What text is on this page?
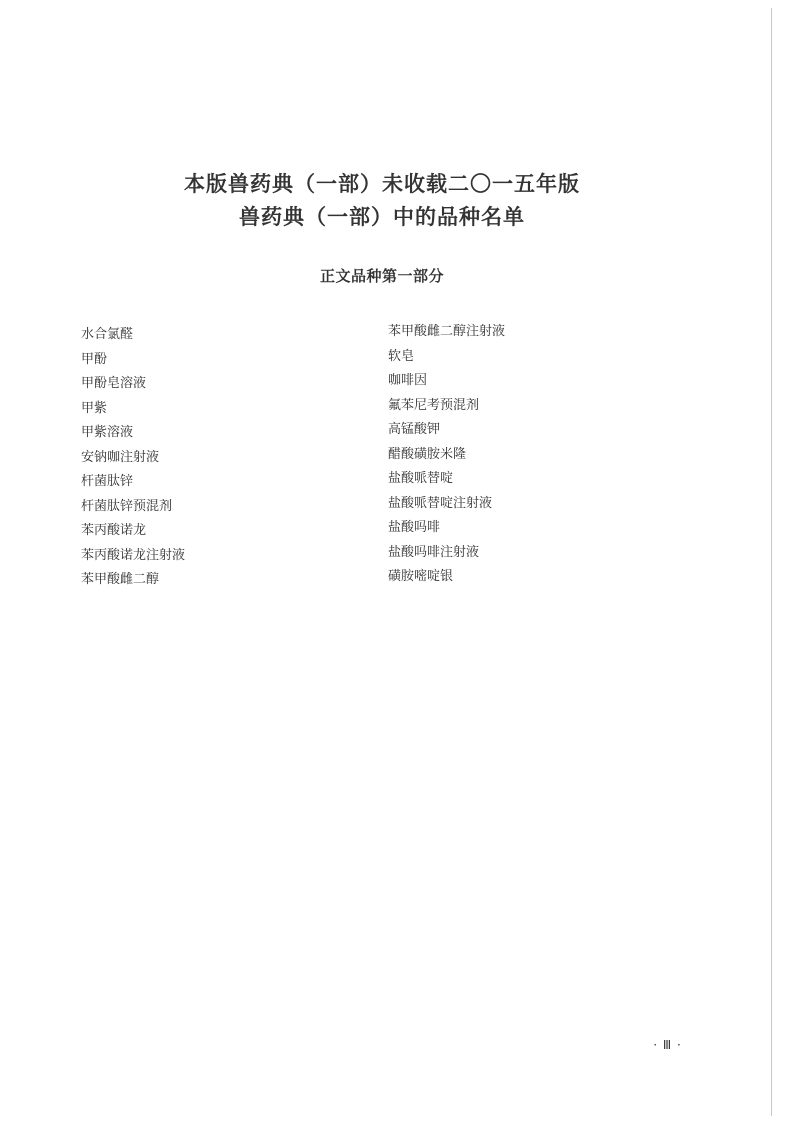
本版兽药典（一部）未收载二〇一五年版
兽药典（一部）中的品种名单
正文品种第一部分
水合氯醛
甲酚
甲酚皂溶液
甲紫
甲紫溶液
安钠咖注射液
杆菌肽锌
杆菌肽锌预混剂
苯丙酸诺龙
苯丙酸诺龙注射液
苯甲酸雌二醇
苯甲酸雌二醇注射液
软皂
咖啡因
氟苯尼考预混剂
高锰酸钾
醋酸磺胺米隆
盐酸哌替啶
盐酸哌替啶注射液
盐酸吗啡
盐酸吗啡注射液
磺胺嘧啶银
· Ⅲ ·
